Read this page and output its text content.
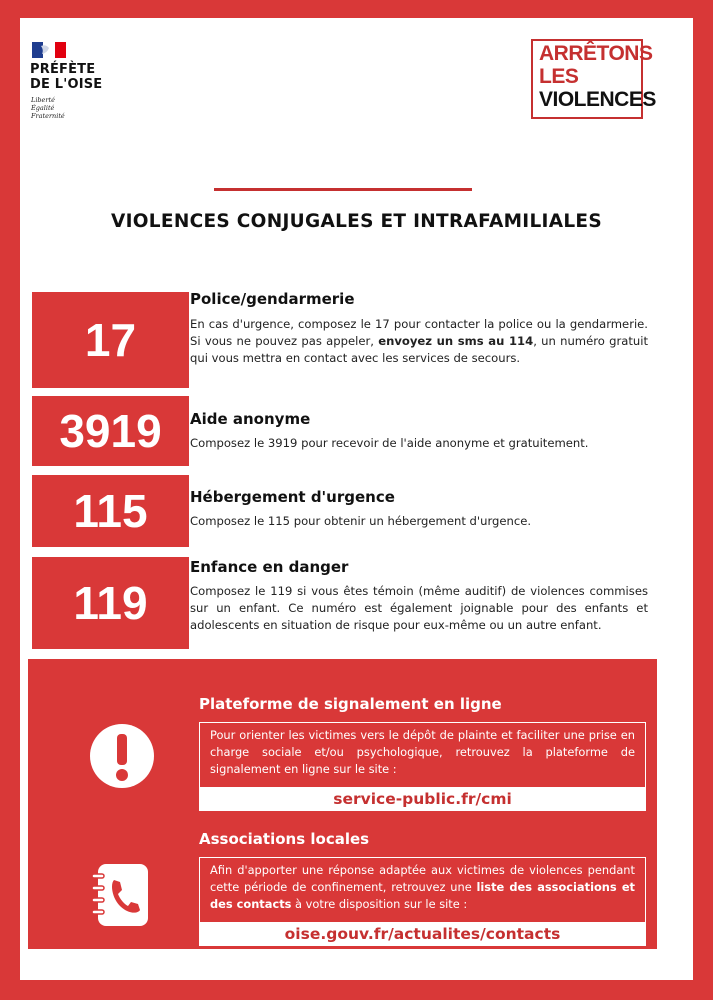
PRÉFÈTE
DE L'OISE
Liberté
Égalité
Fraternité
ARRÊTONS
LES
VIOLENCES
VIOLENCES CONJUGALES ET INTRAFAMILIALES
17
Police/gendarmerie
En cas d'urgence, composez le 17 pour contacter la police ou la gendarmerie. Si vous ne pouvez pas appeler, envoyez un sms au 114, un numéro gratuit qui vous mettra en contact avec les services de secours.
3919	Aide anonyme
Composez le 3919 pour recevoir de l'aide anonyme et gratuitement.
115	Hébergement d'urgence
Composez le 115 pour obtenir un hébergement d'urgence.
119
Enfance en danger
Composez le 119 si vous êtes témoin (même auditif) de violences commises sur un enfant. Ce numéro est également joignable pour des enfants et adolescents en situation de risque pour eux-même ou un autre enfant.
Plateforme de signalement en ligne
Pour orienter les victimes vers le dépôt de plainte et faciliter une prise en charge sociale et/ou psychologique, retrouvez la plateforme de signalement en ligne sur le site :
service-public.fr/cmi
Associations locales
Afin d'apporter une réponse adaptée aux victimes de violences pendant cette période de confinement, retrouvez une liste des associations et des contacts à votre disposition sur le site :
oise.gouv.fr/actualites/contacts
